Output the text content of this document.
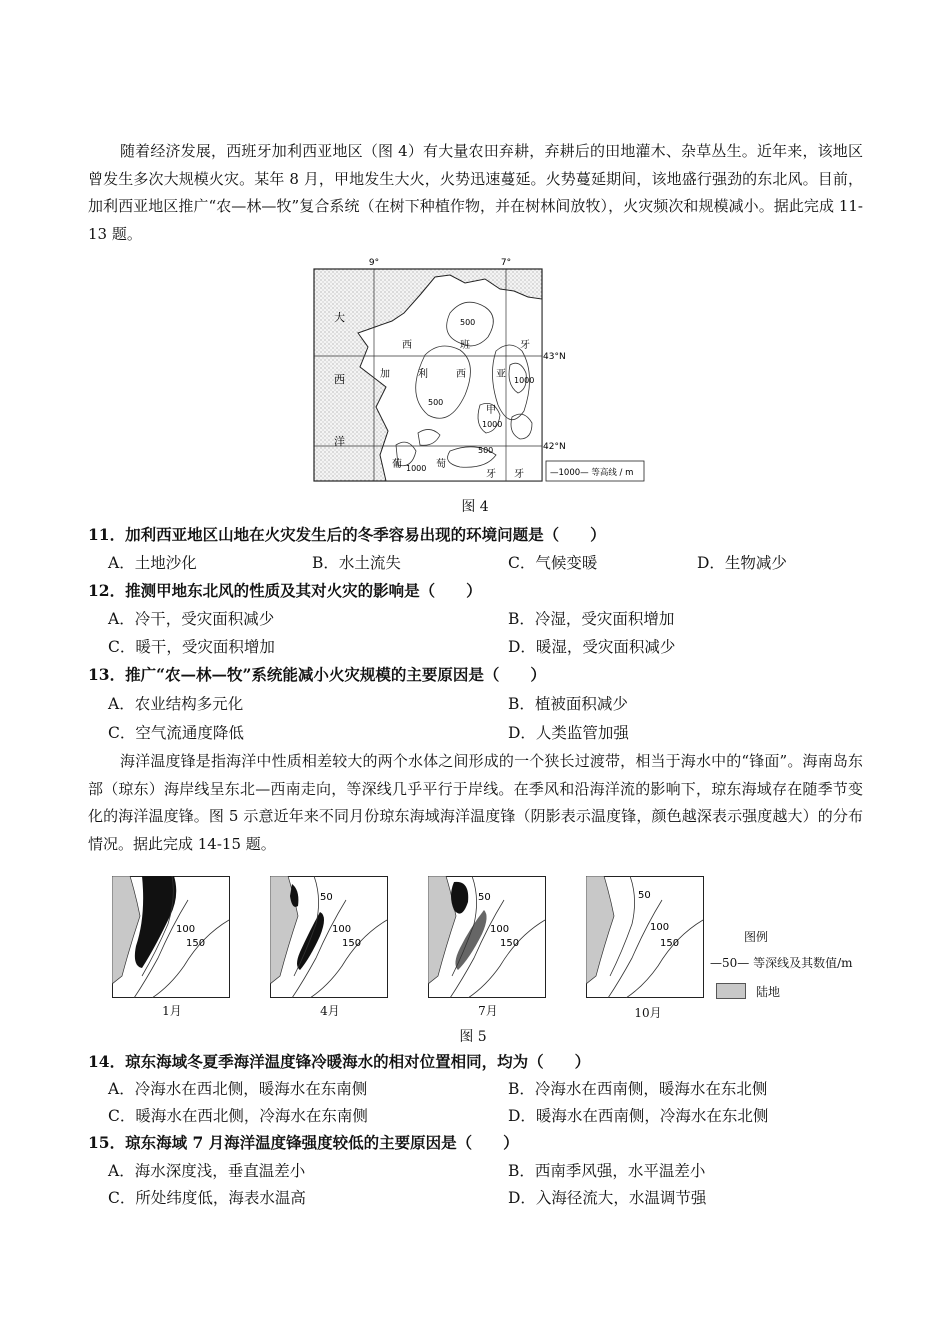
随着经济发展，西班牙加利西亚地区（图 4）有大量农田弃耕，弃耕后的田地灌木、杂草丛生。近年来，该地区曾发生多次大规模火灾。某年 8 月，甲地发生大火，火势迅速蔓延。火势蔓延期间，该地盛行强劲的东北风。目前，加利西亚地区推广“农—林—牧”复合系统（在树下种植作物，并在树林间放牧），火灾频次和规模减小。据此完成 11-13 题。

9°	7°
43°N
42°N
大
西
洋
西	班	牙
加	利	西	亚
甲
500
500
500
1000
1000
1000
葡	萄
牙 牙	—1000— 等高线 / m
图 4
11．加利西亚地区山地在火灾发生后的冬季容易出现的环境问题是（　　）
A．土地沙化	B．水土流失	C．气候变暖	D．生物减少
12．推测甲地东北风的性质及其对火灾的影响是（　　）
A．冷干，受灾面积减少	B．冷湿，受灾面积增加
C．暖干，受灾面积增加	D．暖湿，受灾面积减少
13．推广“农—林—牧”系统能减小火灾规模的主要原因是（　　）
A．农业结构多元化	B．植被面积减少
C．空气流通度降低	D．人类监管加强

海洋温度锋是指海洋中性质相差较大的两个水体之间形成的一个狭长过渡带，相当于海水中的“锋面”。海南岛东部（琼东）海岸线呈东北—西南走向，等深线几乎平行于岸线。在季风和沿海洋流的影响下，琼东海域存在随季节变化的海洋温度锋。图 5 示意近年来不同月份琼东海域海洋温度锋（阴影表示温度锋，颜色越深表示强度越大）的分布情况。据此完成 14-15 题。

100
150
50
100
150
50
100
150
50
100
150
1月	4月	7月	10月
图例
—50— 等深线及其数值/m
陆地
图 5
14．琼东海域冬夏季海洋温度锋冷暖海水的相对位置相同，均为（　　）
A．冷海水在西北侧，暖海水在东南侧	B．冷海水在西南侧，暖海水在东北侧
C．暖海水在西北侧，冷海水在东南侧	D．暖海水在西南侧，冷海水在东北侧
15．琼东海域 7 月海洋温度锋强度较低的主要原因是（　　）
A．海水深度浅，垂直温差小	B．西南季风强，水平温差小
C．所处纬度低，海表水温高	D．入海径流大，水温调节强
